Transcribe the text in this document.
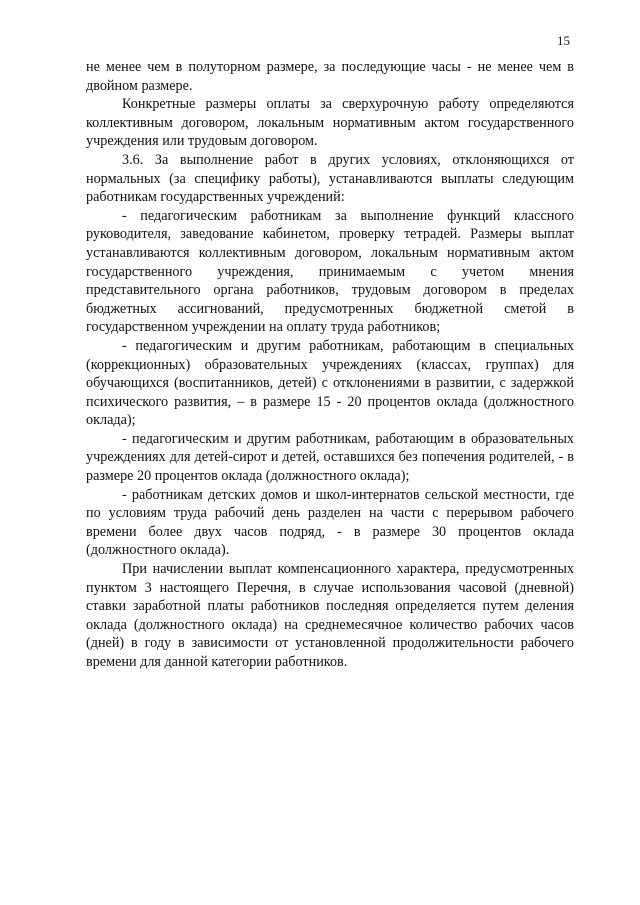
15

не менее чем в полуторном размере, за последующие часы - не менее чем в двойном размере.

Конкретные размеры оплаты за сверхурочную работу определяются коллективным договором, локальным нормативным актом государственного учреждения или трудовым договором.

3.6. За выполнение работ в других условиях, отклоняющихся от нормальных (за специфику работы), устанавливаются выплаты следующим работникам государственных учреждений:

- педагогическим работникам за выполнение функций классного руководителя, заведование кабинетом, проверку тетрадей. Размеры выплат устанавливаются коллективным договором, локальным нормативным актом государственного учреждения, принимаемым с учетом мнения представительного органа работников, трудовым договором в пределах бюджетных ассигнований, предусмотренных бюджетной сметой в государственном учреждении на оплату труда работников;

- педагогическим и другим работникам, работающим в специальных (коррекционных) образовательных учреждениях (классах, группах) для обучающихся (воспитанников, детей) с отклонениями в развитии, с задержкой психического развития, – в размере 15 - 20 процентов оклада (должностного оклада);

- педагогическим и другим работникам, работающим в образовательных учреждениях для детей-сирот и детей, оставшихся без попечения родителей, - в размере 20 процентов оклада (должностного оклада);

- работникам детских домов и школ-интернатов сельской местности, где по условиям труда рабочий день разделен на части с перерывом рабочего времени более двух часов подряд, - в размере 30 процентов оклада (должностного оклада).

При начислении выплат компенсационного характера, предусмотренных пунктом 3 настоящего Перечня, в случае использования часовой (дневной) ставки заработной платы работников последняя определяется путем деления оклада (должностного оклада) на среднемесячное количество рабочих часов (дней) в году в зависимости от установленной продолжительности рабочего времени для данной категории работников.
